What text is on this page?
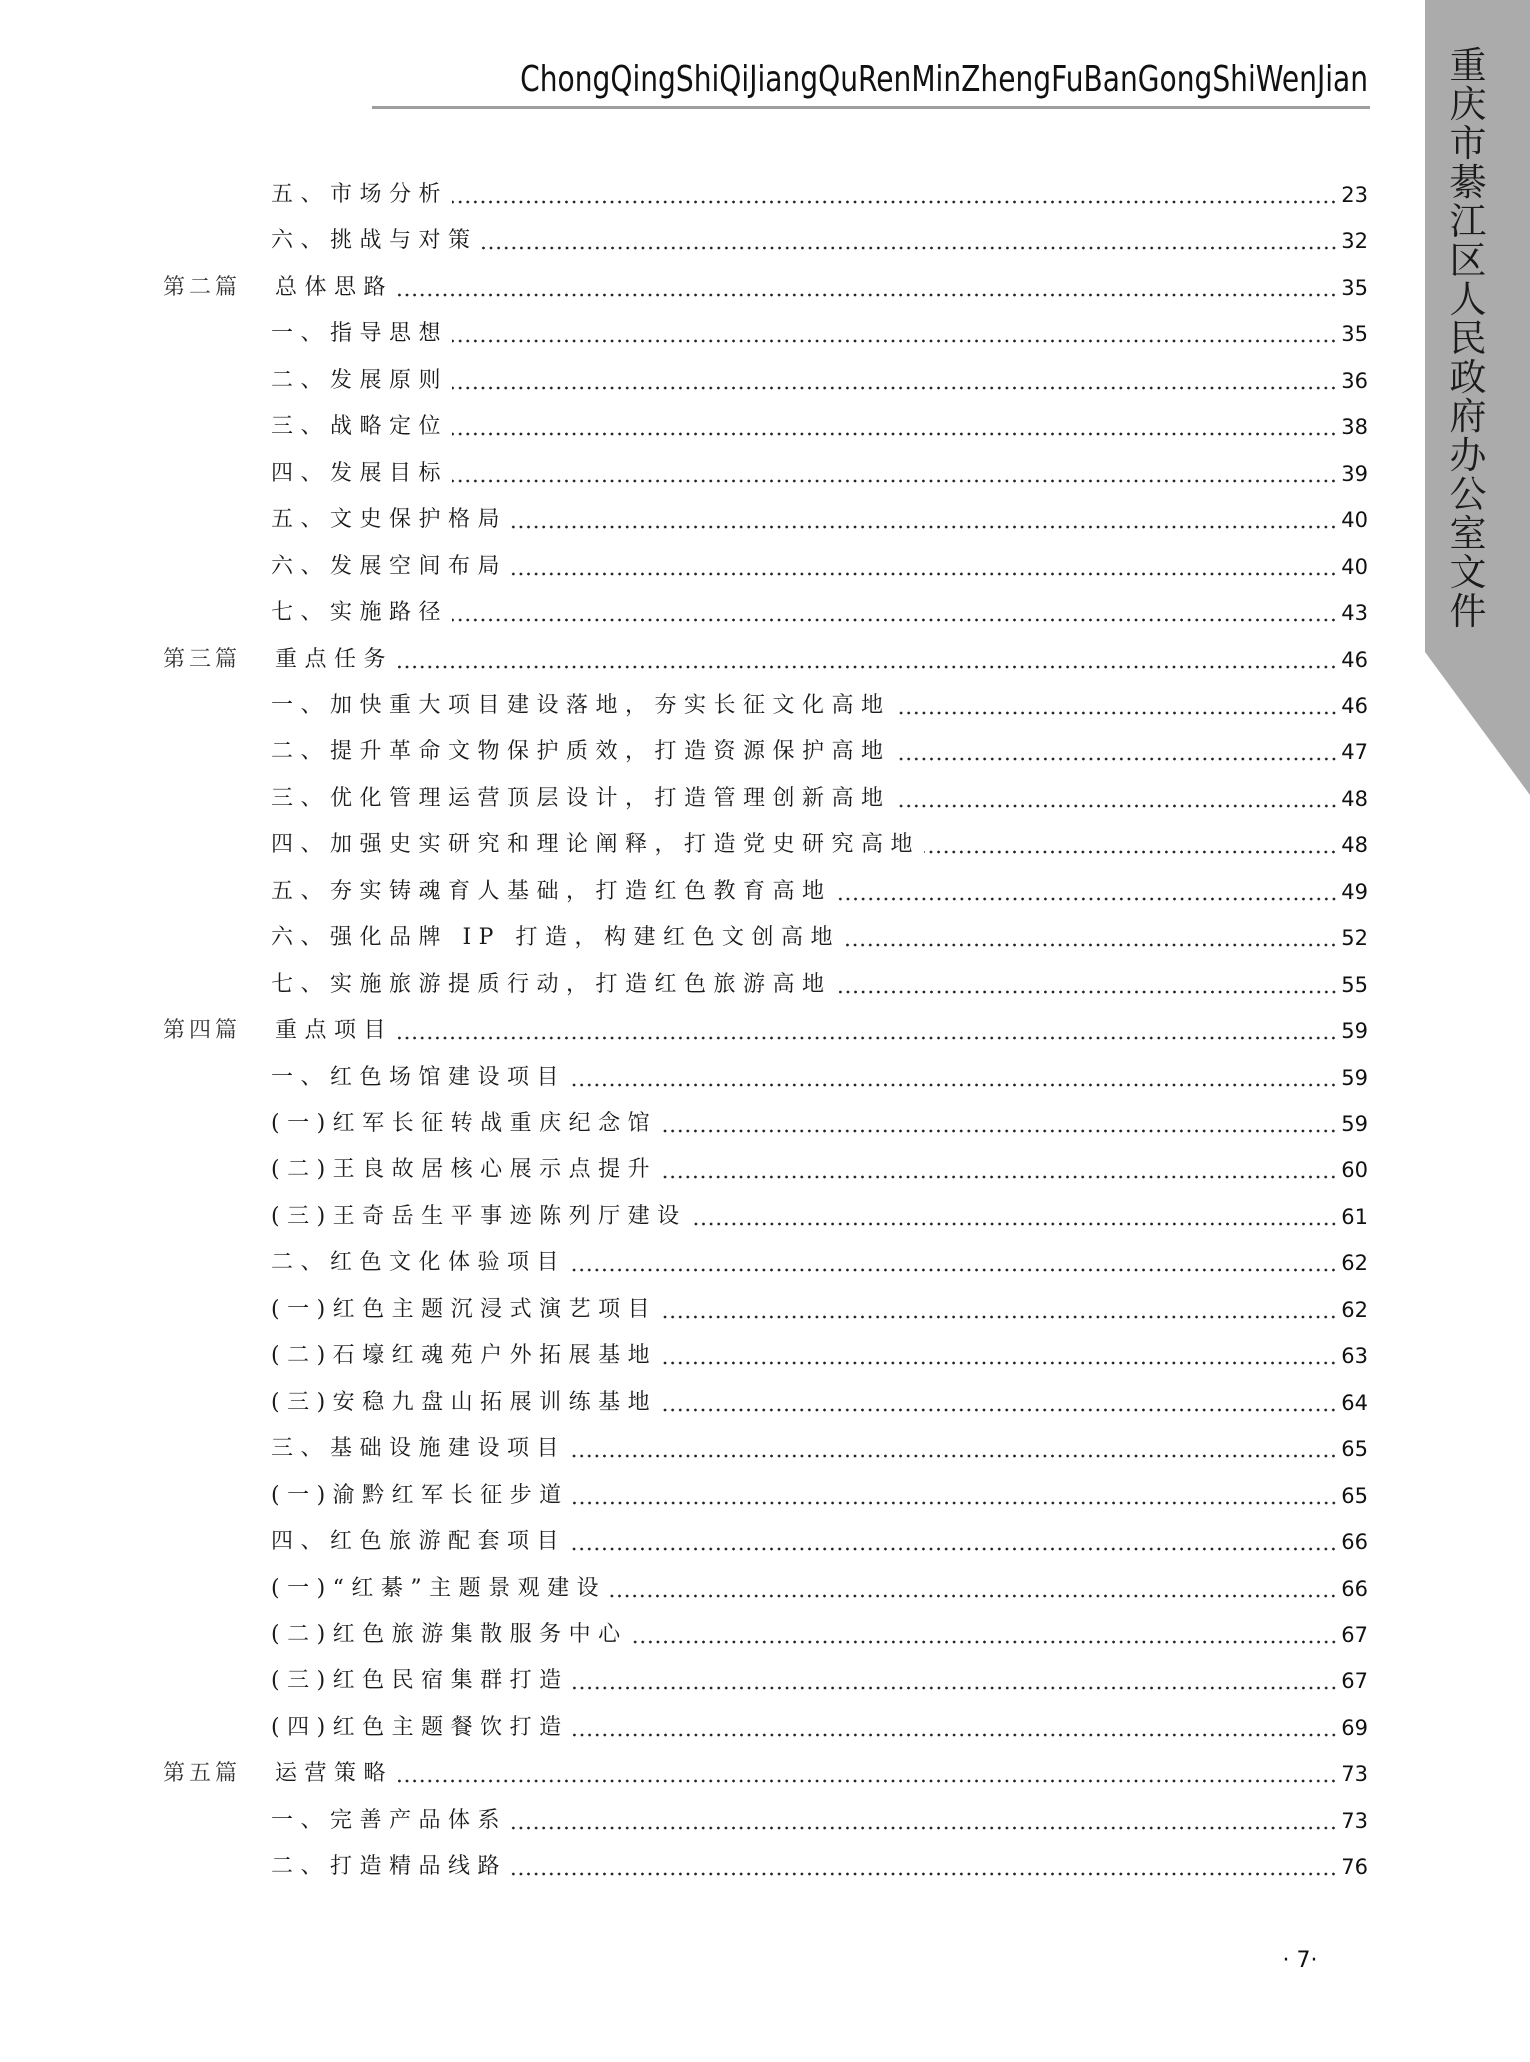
ChongQingShiQiJiangQuRenMinZhengFuBanGongShiWenJian	重
庆
市
綦
江
区
人
民
政
府
办
公
室
文
件
五、市场分析	23
六、挑战与对策	32
第二篇 总体思路	35
一、指导思想	35
二、发展原则	36
三、战略定位	38
四、发展目标	39
五、文史保护格局	40
六、发展空间布局	40
七、实施路径	43
第三篇 重点任务	46
一、加快重大项目建设落地，夯实长征文化高地	46
二、提升革命文物保护质效，打造资源保护高地	47
三、优化管理运营顶层设计，打造管理创新高地	48
四、加强史实研究和理论阐释，打造党史研究高地	48
五、夯实铸魂育人基础，打造红色教育高地	49
六、强化品牌 IP 打造，构建红色文创高地	52
七、实施旅游提质行动，打造红色旅游高地	55
第四篇 重点项目	59
一、红色场馆建设项目	59
(一)红军长征转战重庆纪念馆	59
(二)王良故居核心展示点提升	60
(三)王奇岳生平事迹陈列厅建设	61
二、红色文化体验项目	62
(一)红色主题沉浸式演艺项目	62
(二)石壕红魂苑户外拓展基地	63
(三)安稳九盘山拓展训练基地	64
三、基础设施建设项目	65
(一)渝黔红军长征步道	65
四、红色旅游配套项目	66
(一)“红綦”主题景观建设	66
(二)红色旅游集散服务中心	67
(三)红色民宿集群打造	67
(四)红色主题餐饮打造	69
第五篇 运营策略	73
一、完善产品体系	73
二、打造精品线路	76
· 7·
